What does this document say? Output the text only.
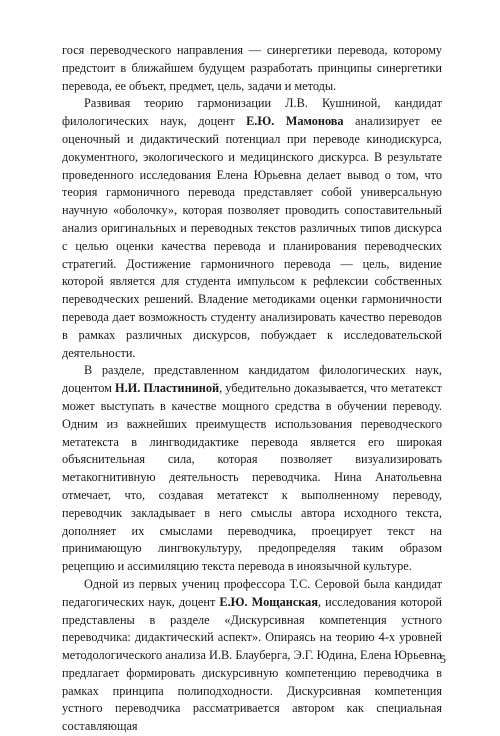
гося переводческого направления — синергетики перевода, которому предстоит в ближайшем будущем разработать принципы синергетики перевода, ее объект, предмет, цель, задачи и методы.

Развивая теорию гармонизации Л.В. Кушниной, кандидат филологических наук, доцент Е.Ю. Мамонова анализирует ее оценочный и дидактический потенциал при переводе кинодискурса, документного, экологического и медицинского дискурса. В результате проведенного исследования Елена Юрьевна делает вывод о том, что теория гармоничного перевода представляет собой универсальную научную «оболочку», которая позволяет проводить сопоставительный анализ оригинальных и переводных текстов различных типов дискурса с целью оценки качества перевода и планирования переводческих стратегий. Достижение гармоничного перевода — цель, видение которой является для студента импульсом к рефлексии собственных переводческих решений. Владение методиками оценки гармоничности перевода дает возможность студенту анализировать качество переводов в рамках различных дискурсов, побуждает к исследовательской деятельности.

В разделе, представленном кандидатом филологических наук, доцентом Н.И. Пластининой, убедительно доказывается, что метатекст может выступать в качестве мощного средства в обучении переводу. Одним из важнейших преимуществ использования переводческого метатекста в лингводидактике перевода является его широкая объяснительная сила, которая позволяет визуализировать метакогнитивную деятельность переводчика. Нина Анатольевна отмечает, что, создавая метатекст к выполненному переводу, переводчик закладывает в него смыслы автора исходного текста, дополняет их смыслами переводчика, проецирует текст на принимающую лингвокультуру, предопределяя таким образом рецепцию и ассимиляцию текста перевода в иноязычной культуре.

Одной из первых учениц профессора Т.С. Серовой была кандидат педагогических наук, доцент Е.Ю. Мощанская, исследования которой представлены в разделе «Дискурсивная компетенция устного переводчика: дидактический аспект». Опираясь на теорию 4-х уровней методологического анализа И.В. Блауберга, Э.Г. Юдина, Елена Юрьевна предлагает формировать дискурсивную компетенцию переводчика в рамках принципа полиподходности. Дискурсивная компетенция устного переводчика рассматривается автором как специальная составляющая

5
